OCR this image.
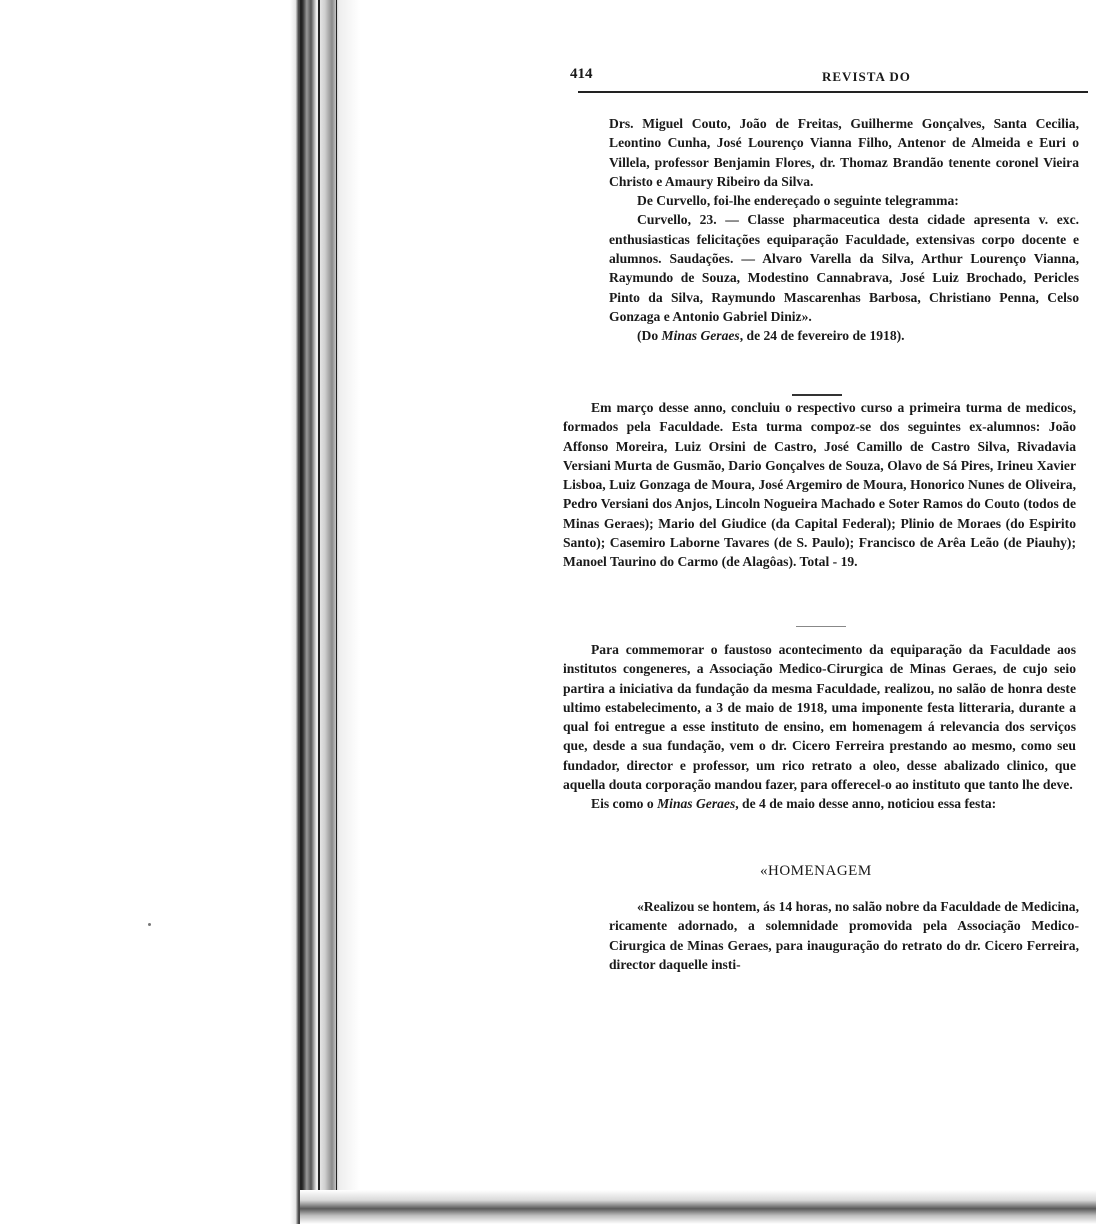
414	REVISTA DO

Drs. Miguel Couto, João de Freitas, Guilherme Gonçalves, Santa Cecilia, Leontino Cunha, José Lourenço Vianna Filho, Antenor de Almeida e Euri o Villela, professor Benjamin Flores, dr. Thomaz Brandão tenente coronel Vieira Christo e Amaury Ribeiro da Silva.

De Curvello, foi-lhe endereçado o seguinte telegramma:

Curvello, 23. — Classe pharmaceutica desta cidade apresenta v. exc. enthusiasticas felicitações equiparação Faculdade, extensivas corpo docente e alumnos. Saudações. — Alvaro Varella da Silva, Arthur Lourenço Vianna, Raymundo de Souza, Modestino Cannabrava, José Luiz Brochado, Pericles Pinto da Silva, Raymundo Mascarenhas Barbosa, Christiano Penna, Celso Gonzaga e Antonio Gabriel Diniz».

(Do Minas Geraes, de 24 de fevereiro de 1918).

Em março desse anno, concluiu o respectivo curso a primeira turma de medicos, formados pela Faculdade. Esta turma compoz-se dos seguintes ex-alumnos: João Affonso Moreira, Luiz Orsini de Castro, José Camillo de Castro Silva, Rivadavia Versiani Murta de Gusmão, Dario Gonçalves de Souza, Olavo de Sá Pires, Irineu Xavier Lisboa, Luiz Gonzaga de Moura, José Argemiro de Moura, Honorico Nunes de Oliveira, Pedro Versiani dos Anjos, Lincoln Nogueira Machado e Soter Ramos do Couto (todos de Minas Geraes); Mario del Giudice (da Capital Federal); Plinio de Moraes (do Espirito Santo); Casemiro Laborne Tavares (de S. Paulo); Francisco de Arêa Leão (de Piauhy); Manoel Taurino do Carmo (de Alagôas). Total - 19.

Para commemorar o faustoso acontecimento da equiparação da Faculdade aos institutos congeneres, a Associação Medico-Cirurgica de Minas Geraes, de cujo seio partira a iniciativa da fundação da mesma Faculdade, realizou, no salão de honra deste ultimo estabelecimento, a 3 de maio de 1918, uma imponente festa litteraria, durante a qual foi entregue a esse instituto de ensino, em homenagem á relevancia dos serviços que, desde a sua fundação, vem o dr. Cicero Ferreira prestando ao mesmo, como seu fundador, director e professor, um rico retrato a oleo, desse abalizado clinico, que aquella douta corporação mandou fazer, para offerecel-o ao instituto que tanto lhe deve.

Eis como o Minas Geraes, de 4 de maio desse anno, noticiou essa festa:

«HOMENAGEM

«Realizou se hontem, ás 14 horas, no salão nobre da Faculdade de Medicina, ricamente adornado, a solemnidade promovida pela Associação Medico-Cirurgica de Minas Geraes, para inauguração do retrato do dr. Cicero Ferreira, director daquelle insti-
